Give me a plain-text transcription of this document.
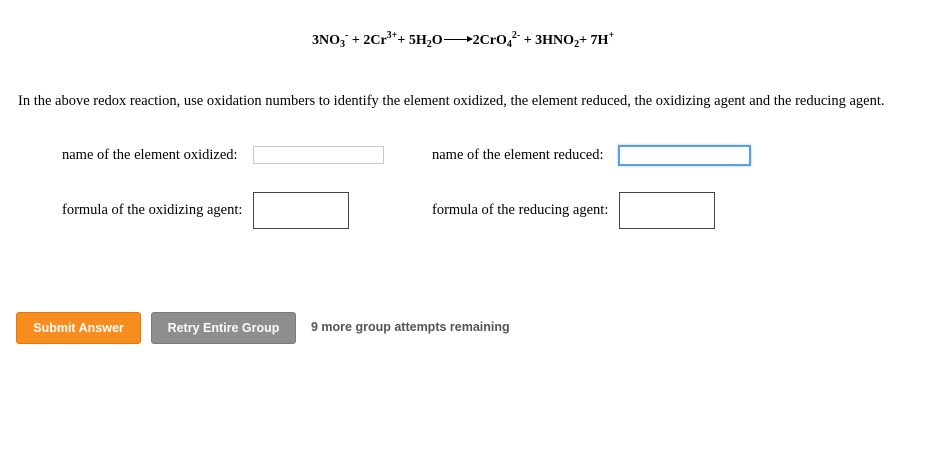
$3NO_3^- + 2Cr^{3+}+ 5H_2O\to 2CrO_4^{2-} + 3HNO_2+ 7H^+$
In the above redox reaction, use oxidation numbers to identify the element oxidized, the element reduced, the oxidizing agent and the reducing agent.
name of the element oxidized:	name of the element reduced:
formula of the oxidizing agent:	formula of the reducing agent:
Submit Answer	Retry Entire Group	9 more group attempts remaining
